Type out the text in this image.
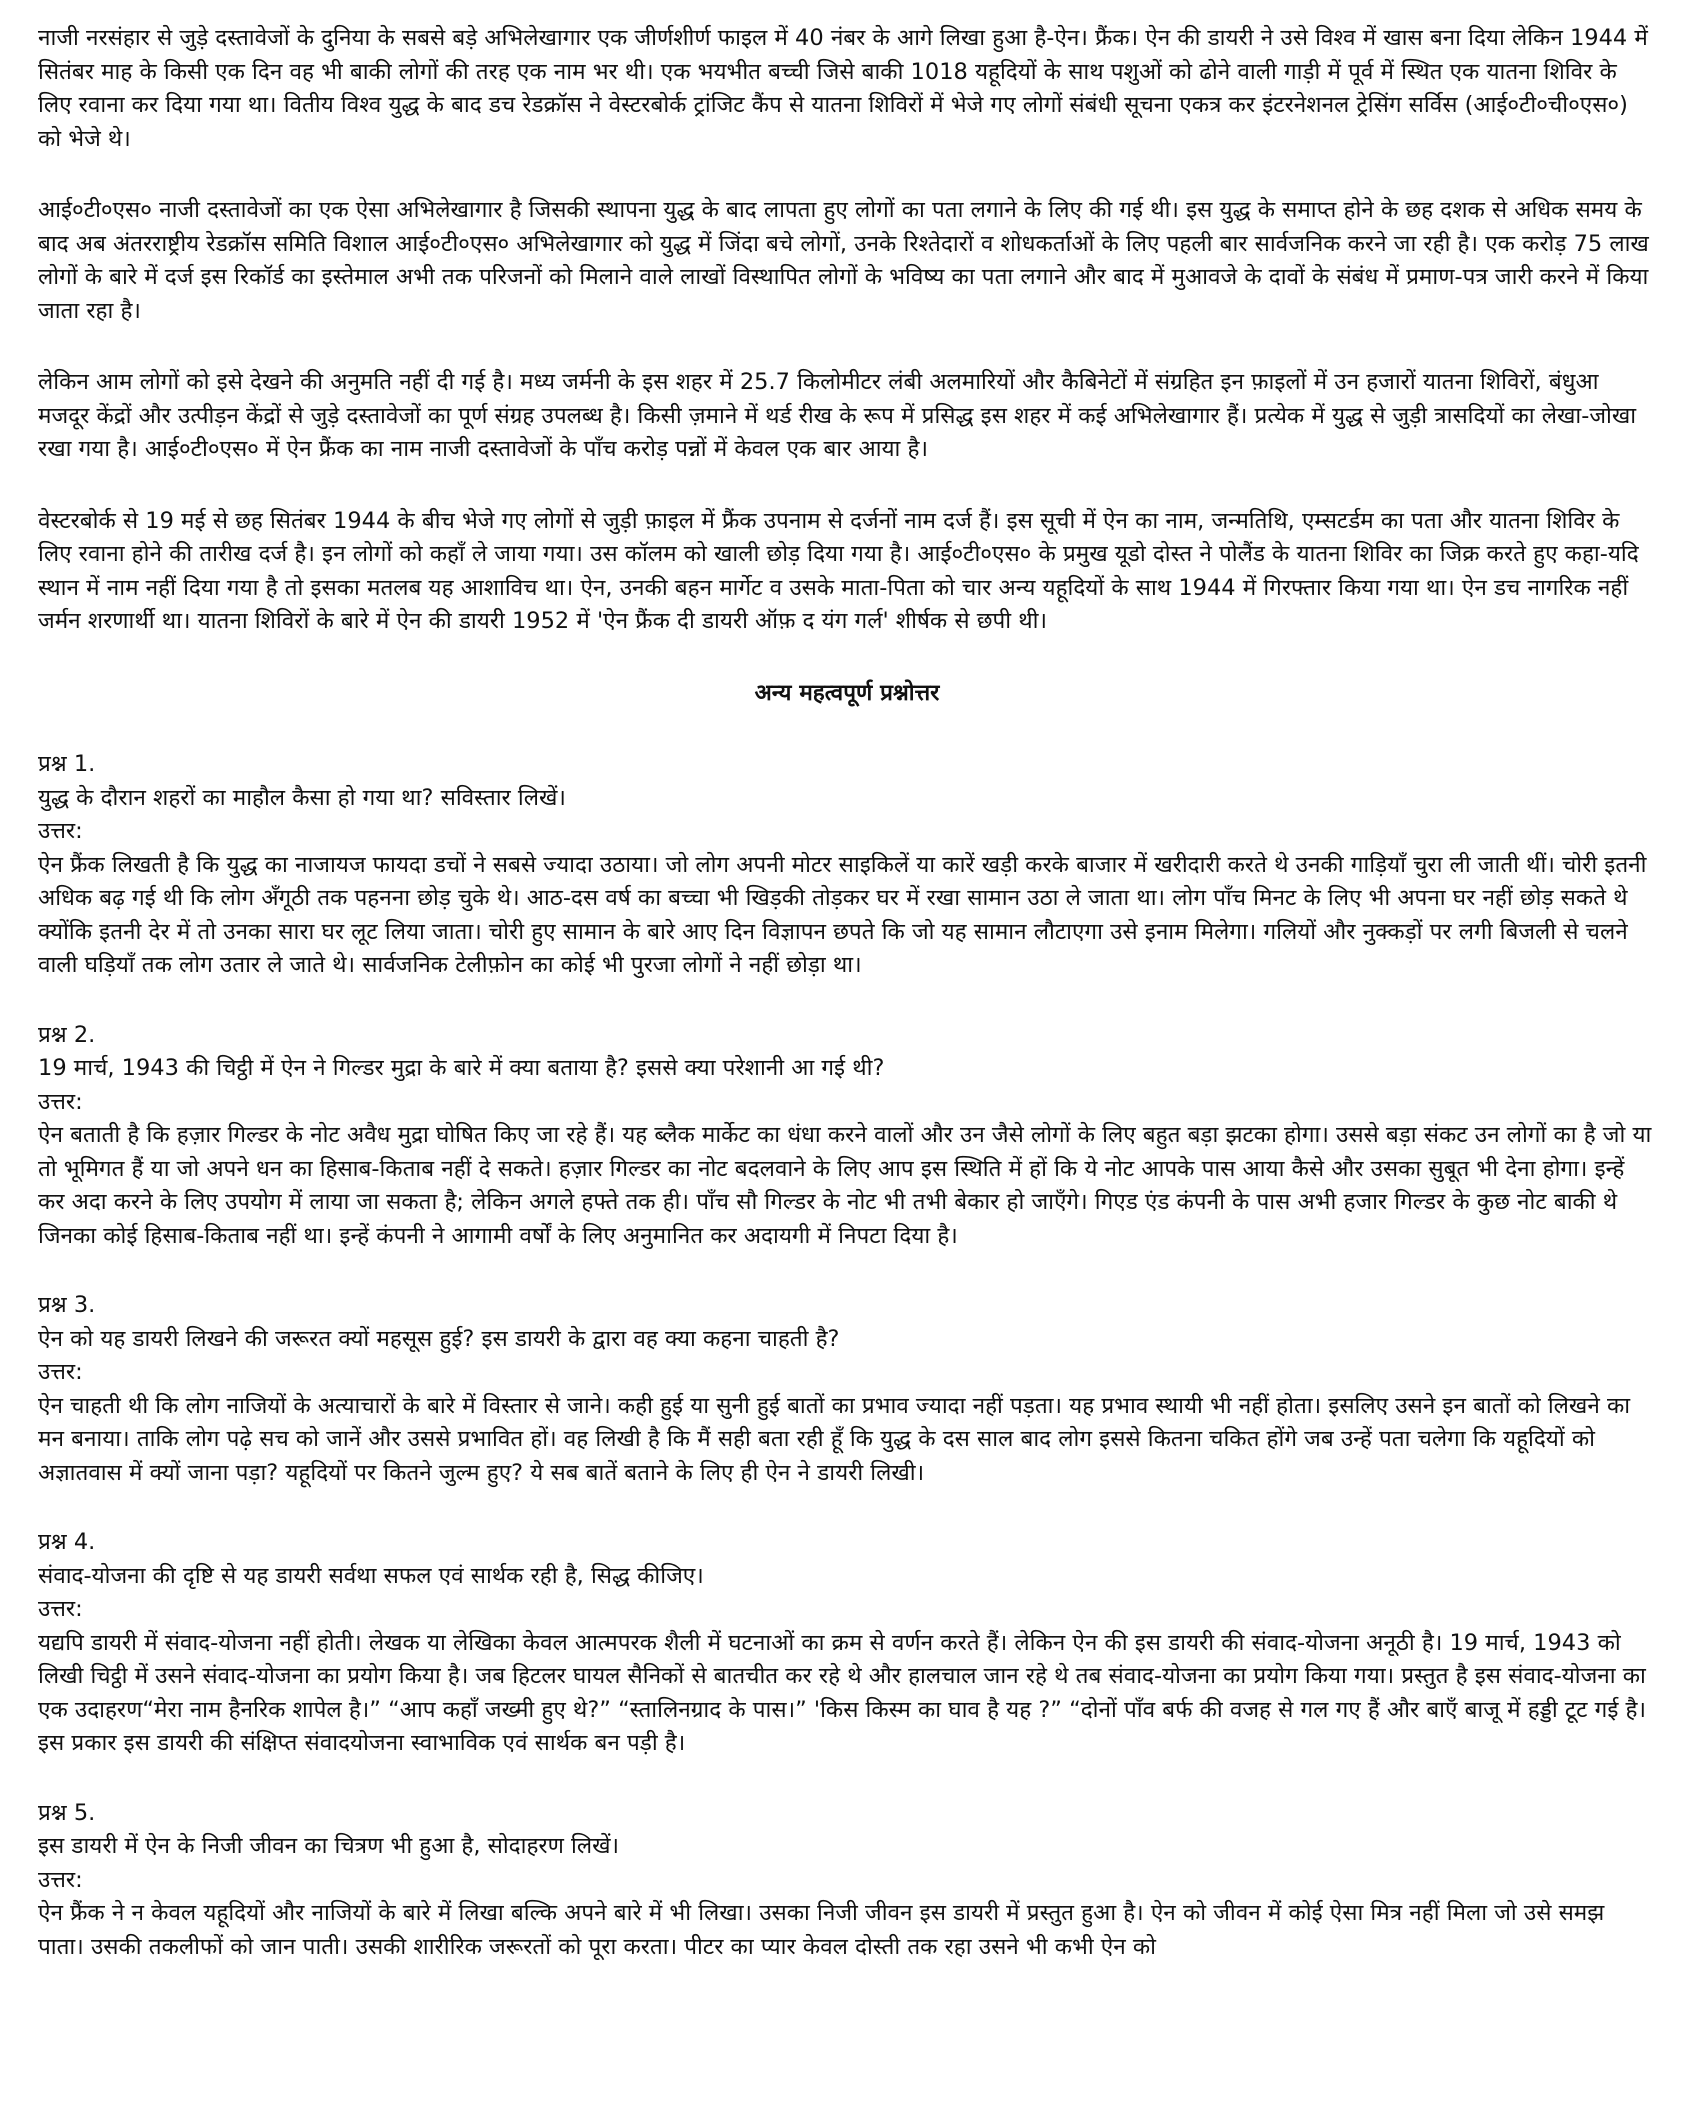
नाजी नरसंहार से जुड़े दस्तावेजों के दुनिया के सबसे बड़े अभिलेखागार एक जीर्णशीर्ण फाइल में 40 नंबर के आगे लिखा हुआ है-ऐन। फ्रैंक। ऐन की डायरी ने उसे विश्व में खास बना दिया लेकिन 1944 में सितंबर माह के किसी एक दिन वह भी बाकी लोगों की तरह एक नाम भर थी। एक भयभीत बच्ची जिसे बाकी 1018 यहूदियों के साथ पशुओं को ढोने वाली गाड़ी में पूर्व में स्थित एक यातना शिविर के लिए रवाना कर दिया गया था। वितीय विश्व युद्ध के बाद डच रेडक्रॉस ने वेस्टरबोर्क ट्रांजिट कैंप से यातना शिविरों में भेजे गए लोगों संबंधी सूचना एकत्र कर इंटरनेशनल ट्रेसिंग सर्विस (आई०टी०ची०एस०) को भेजे थे।

आई०टी०एस० नाजी दस्तावेजों का एक ऐसा अभिलेखागार है जिसकी स्थापना युद्ध के बाद लापता हुए लोगों का पता लगाने के लिए की गई थी। इस युद्ध के समाप्त होने के छह दशक से अधिक समय के बाद अब अंतरराष्ट्रीय रेडक्रॉस समिति विशाल आई०टी०एस० अभिलेखागार को युद्ध में जिंदा बचे लोगों, उनके रिश्तेदारों व शोधकर्ताओं के लिए पहली बार सार्वजनिक करने जा रही है। एक करोड़ 75 लाख लोगों के बारे में दर्ज इस रिकॉर्ड का इस्तेमाल अभी तक परिजनों को मिलाने वाले लाखों विस्थापित लोगों के भविष्य का पता लगाने और बाद में मुआवजे के दावों के संबंध में प्रमाण-पत्र जारी करने में किया जाता रहा है।

लेकिन आम लोगों को इसे देखने की अनुमति नहीं दी गई है। मध्य जर्मनी के इस शहर में 25.7 किलोमीटर लंबी अलमारियों और कैबिनेटों में संग्रहित इन फ़ाइलों में उन हजारों यातना शिविरों, बंधुआ मजदूर केंद्रों और उत्पीड़न केंद्रों से जुड़े दस्तावेजों का पूर्ण संग्रह उपलब्ध है। किसी ज़माने में थर्ड रीख के रूप में प्रसिद्ध इस शहर में कई अभिलेखागार हैं। प्रत्येक में युद्ध से जुड़ी त्रासदियों का लेखा-जोखा रखा गया है। आई०टी०एस० में ऐन फ्रैंक का नाम नाजी दस्तावेजों के पाँच करोड़ पन्नों में केवल एक बार आया है।

वेस्टरबोर्क से 19 मई से छह सितंबर 1944 के बीच भेजे गए लोगों से जुड़ी फ़ाइल में फ्रैंक उपनाम से दर्जनों नाम दर्ज हैं। इस सूची में ऐन का नाम, जन्मतिथि, एम्सटर्डम का पता और यातना शिविर के लिए रवाना होने की तारीख दर्ज है। इन लोगों को कहाँ ले जाया गया। उस कॉलम को खाली छोड़ दिया गया है। आई०टी०एस० के प्रमुख यूडो दोस्त ने पोलैंड के यातना शिविर का जिक्र करते हुए कहा-यदि स्थान में नाम नहीं दिया गया है तो इसका मतलब यह आशाविच था। ऐन, उनकी बहन मार्गेट व उसके माता-पिता को चार अन्य यहूदियों के साथ 1944 में गिरफ्तार किया गया था। ऐन डच नागरिक नहीं जर्मन शरणार्थी था। यातना शिविरों के बारे में ऐन की डायरी 1952 में 'ऐन फ्रैंक दी डायरी ऑफ़ द यंग गर्ल' शीर्षक से छपी थी।

अन्य महत्वपूर्ण प्रश्नोत्तर

प्रश्न 1.

युद्ध के दौरान शहरों का माहौल कैसा हो गया था? सविस्तार लिखें।

उत्तर:

ऐन फ्रैंक लिखती है कि युद्ध का नाजायज फायदा डचों ने सबसे ज्यादा उठाया। जो लोग अपनी मोटर साइकिलें या कारें खड़ी करके बाजार में खरीदारी करते थे उनकी गाड़ियाँ चुरा ली जाती थीं। चोरी इतनी अधिक बढ़ गई थी कि लोग अँगूठी तक पहनना छोड़ चुके थे। आठ-दस वर्ष का बच्चा भी खिड़की तोड़कर घर में रखा सामान उठा ले जाता था। लोग पाँच मिनट के लिए भी अपना घर नहीं छोड़ सकते थे क्योंकि इतनी देर में तो उनका सारा घर लूट लिया जाता। चोरी हुए सामान के बारे आए दिन विज्ञापन छपते कि जो यह सामान लौटाएगा उसे इनाम मिलेगा। गलियों और नुक्कड़ों पर लगी बिजली से चलने वाली घड़ियाँ तक लोग उतार ले जाते थे। सार्वजनिक टेलीफ़ोन का कोई भी पुरजा लोगों ने नहीं छोड़ा था।

प्रश्न 2.

19 मार्च, 1943 की चिट्ठी में ऐन ने गिल्डर मुद्रा के बारे में क्या बताया है? इससे क्या परेशानी आ गई थी?

उत्तर:

ऐन बताती है कि हज़ार गिल्डर के नोट अवैध मुद्रा घोषित किए जा रहे हैं। यह ब्लैक मार्केट का धंधा करने वालों और उन जैसे लोगों के लिए बहुत बड़ा झटका होगा। उससे बड़ा संकट उन लोगों का है जो या तो भूमिगत हैं या जो अपने धन का हिसाब-किताब नहीं दे सकते। हज़ार गिल्डर का नोट बदलवाने के लिए आप इस स्थिति में हों कि ये नोट आपके पास आया कैसे और उसका सुबूत भी देना होगा। इन्हें कर अदा करने के लिए उपयोग में लाया जा सकता है; लेकिन अगले हफ्ते तक ही। पाँच सौ गिल्डर के नोट भी तभी बेकार हो जाएँगे। गिएड एंड कंपनी के पास अभी हजार गिल्डर के कुछ नोट बाकी थे जिनका कोई हिसाब-किताब नहीं था। इन्हें कंपनी ने आगामी वर्षों के लिए अनुमानित कर अदायगी में निपटा दिया है।

प्रश्न 3.

ऐन को यह डायरी लिखने की जरूरत क्यों महसूस हुई? इस डायरी के द्वारा वह क्या कहना चाहती है?

उत्तर:

ऐन चाहती थी कि लोग नाजियों के अत्याचारों के बारे में विस्तार से जाने। कही हुई या सुनी हुई बातों का प्रभाव ज्यादा नहीं पड़ता। यह प्रभाव स्थायी भी नहीं होता। इसलिए उसने इन बातों को लिखने का मन बनाया। ताकि लोग पढ़े सच को जानें और उससे प्रभावित हों। वह लिखी है कि मैं सही बता रही हूँ कि युद्ध के दस साल बाद लोग इससे कितना चकित होंगे जब उन्हें पता चलेगा कि यहूदियों को अज्ञातवास में क्यों जाना पड़ा? यहूदियों पर कितने जुल्म हुए? ये सब बातें बताने के लिए ही ऐन ने डायरी लिखी।

प्रश्न 4.

संवाद-योजना की दृष्टि से यह डायरी सर्वथा सफल एवं सार्थक रही है, सिद्ध कीजिए।

उत्तर:

यद्यपि डायरी में संवाद-योजना नहीं होती। लेखक या लेखिका केवल आत्मपरक शैली में घटनाओं का क्रम से वर्णन करते हैं। लेकिन ऐन की इस डायरी की संवाद-योजना अनूठी है। 19 मार्च, 1943 को लिखी चिट्ठी में उसने संवाद-योजना का प्रयोग किया है। जब हिटलर घायल सैनिकों से बातचीत कर रहे थे और हालचाल जान रहे थे तब संवाद-योजना का प्रयोग किया गया। प्रस्तुत है इस संवाद-योजना का एक उदाहरण“मेरा नाम हैनरिक शापेल है।” “आप कहाँ जख्मी हुए थे?” “स्तालिनग्राद के पास।” 'किस किस्म का घाव है यह ?” “दोनों पाँव बर्फ की वजह से गल गए हैं और बाएँ बाजू में हड्डी टूट गई है। इस प्रकार इस डायरी की संक्षिप्त संवादयोजना स्वाभाविक एवं सार्थक बन पड़ी है।

प्रश्न 5.

इस डायरी में ऐन के निजी जीवन का चित्रण भी हुआ है, सोदाहरण लिखें।

उत्तर:

ऐन फ्रैंक ने न केवल यहूदियों और नाजियों के बारे में लिखा बल्कि अपने बारे में भी लिखा। उसका निजी जीवन इस डायरी में प्रस्तुत हुआ है। ऐन को जीवन में कोई ऐसा मित्र नहीं मिला जो उसे समझ पाता। उसकी तकलीफों को जान पाती। उसकी शारीरिक जरूरतों को पूरा करता। पीटर का प्यार केवल दोस्ती तक रहा उसने भी कभी ऐन को
